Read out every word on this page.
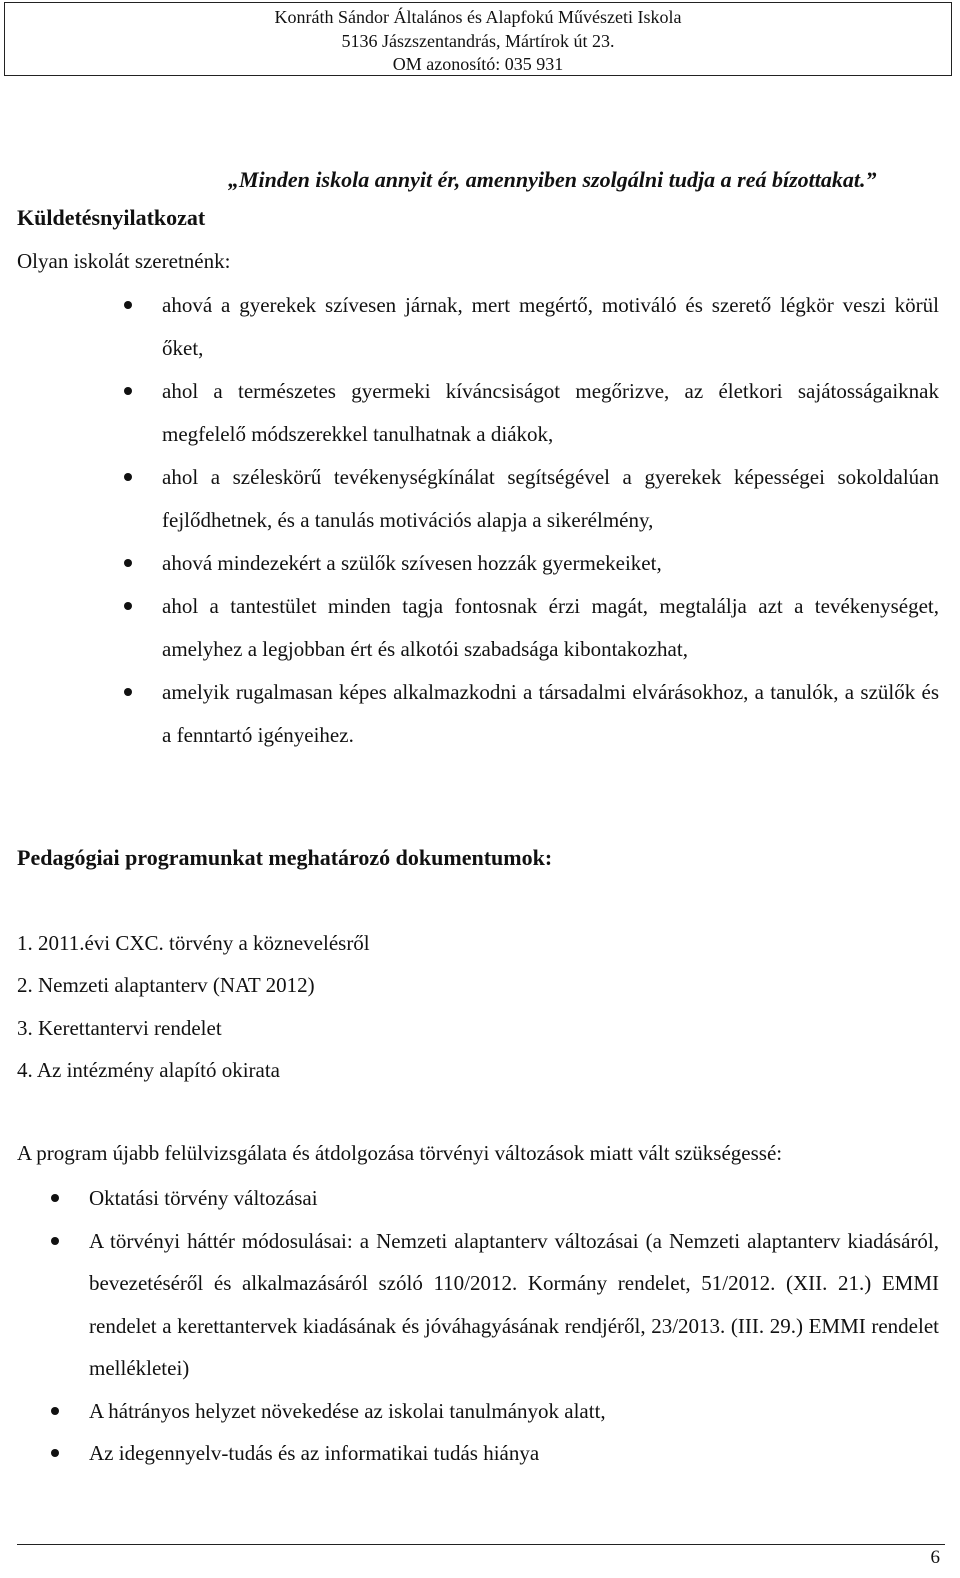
Konráth Sándor Általános és Alapfokú Művészeti Iskola
5136 Jászszentandrás, Mártírok út 23.
OM azonosító: 035 931
„Minden iskola annyit ér, amennyiben szolgálni tudja a reá bízottakat.”
Küldetésnyilatkozat
Olyan iskolát szeretnénk:
ahová a gyerekek szívesen járnak, mert megértő, motiváló és szerető légkör veszi körül őket,
ahol a természetes gyermeki kíváncsiságot megőrizve, az életkori sajátosságaiknak megfelelő módszerekkel tanulhatnak a diákok,
ahol a széleskörű tevékenységkínálat segítségével a gyerekek képességei sokoldalúan fejlődhetnek, és a tanulás motivációs alapja a sikerélmény,
ahová mindezekért a szülők szívesen hozzák gyermekeiket,
ahol a tantestület minden tagja fontosnak érzi magát, megtalálja azt a tevékenységet, amelyhez a legjobban ért és alkotói szabadsága kibontakozhat,
amelyik rugalmasan képes alkalmazkodni a társadalmi elvárásokhoz, a tanulók, a szülők és a fenntartó igényeihez.
Pedagógiai programunkat meghatározó dokumentumok:
1. 2011.évi CXC. törvény a köznevelésről
2. Nemzeti alaptanterv (NAT 2012)
3. Kerettantervi rendelet
4. Az intézmény alapító okirata
A program újabb felülvizsgálata és átdolgozása törvényi változások miatt vált szükségessé:
Oktatási törvény változásai
A törvényi háttér módosulásai: a Nemzeti alaptanterv változásai (a Nemzeti alaptanterv kiadásáról, bevezetéséről és alkalmazásáról szóló 110/2012. Kormány rendelet, 51/2012. (XII. 21.) EMMI rendelet a kerettantervek kiadásának és jóváhagyásának rendjéről, 23/2013. (III. 29.) EMMI rendelet mellékletei)
A hátrányos helyzet növekedése az iskolai tanulmányok alatt,
Az idegennyelv-tudás és az informatikai tudás hiánya
6
